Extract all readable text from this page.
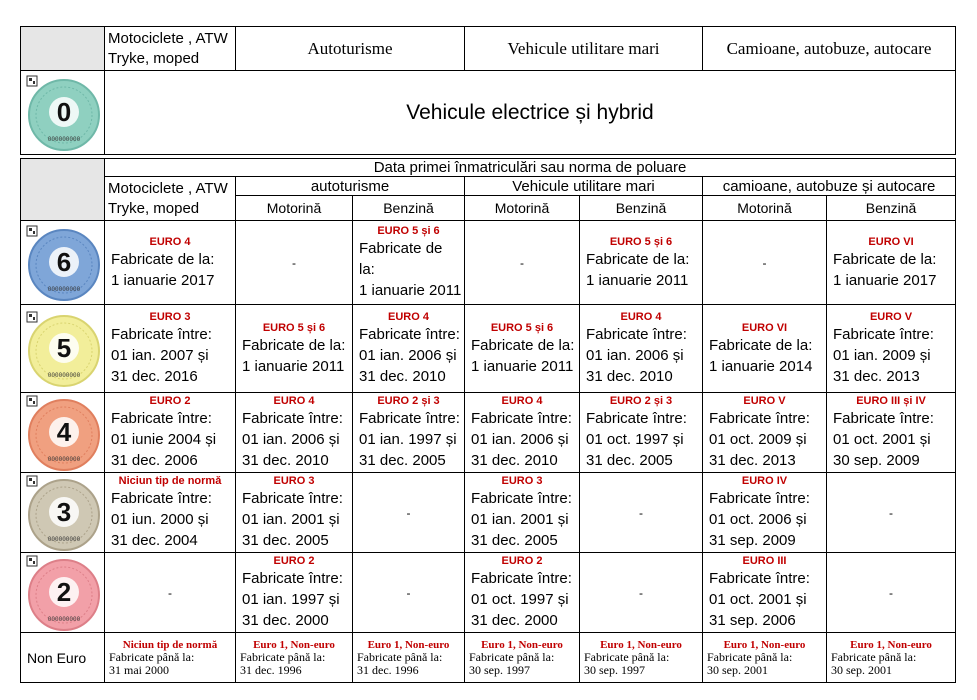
	Motociclete , ATW Tryke, moped	Autoturisme	Vehicule utilitare mari	Camioane, autobuze, autocare

0
000000000	Vehicule electrice și hybrid			
	Data primei înmatriculări sau norma de poluare						
	Motociclete , ATW Tryke, moped	autoturisme		Vehicule utilitare mari		camioane, autobuze și autocare	
		Motorină	Benzină	Motorină	Benzină	Motorină	Benzină

6
000000000	EURO 4
Fabricate de la:
1 ianuarie 2017	-	EURO 5 și 6
Fabricate de la:
1 ianuarie 2011	-	EURO 5 și 6
Fabricate de la:
1 ianuarie 2011	-	EURO VI
Fabricate de la:
1 ianuarie 2017

5
000000000	EURO 3
Fabricate între:
01 ian. 2007 și
31 dec. 2016	EURO 5 și 6
Fabricate de la:
1 ianuarie 2011	EURO 4
Fabricate între:
01 ian. 2006 și
31 dec. 2010	EURO 5 și 6
Fabricate de la:
1 ianuarie 2011	EURO 4
Fabricate între:
01 ian. 2006 și
31 dec. 2010	EURO VI
Fabricate de la:
1 ianuarie 2014	EURO V
Fabricate între:
01 ian. 2009 și
31 dec. 2013

4
000000000	EURO 2
Fabricate între:
01 iunie 2004 și
31 dec. 2006	EURO 4
Fabricate între:
01 ian. 2006 și
31 dec. 2010	EURO 2 și 3
Fabricate între:
01 ian. 1997 și
31 dec. 2005	EURO 4
Fabricate între:
01 ian. 2006 și
31 dec. 2010	EURO 2 și 3
Fabricate între:
01 oct. 1997 și
31 dec. 2005	EURO V
Fabricate între:
01 oct. 2009 și
31 dec. 2013	EURO III și IV
Fabricate între:
01 oct. 2001 și
30 sep. 2009

3
000000000	Niciun tip de normă
Fabricate între:
01 iun. 2000 și
31 dec. 2004	EURO 3
Fabricate între:
01 ian. 2001 și
31 dec. 2005	-	EURO 3
Fabricate între:
01 ian. 2001 și
31 dec. 2005	-	EURO IV
Fabricate între:
01 oct. 2006 și
31 sep. 2009	-

2
000000000	-	EURO 2
Fabricate între:
01 ian. 1997 și
31 dec. 2000	-	EURO 2
Fabricate între:
01 oct. 1997 și
31 dec. 2000	-	EURO III
Fabricate între:
01 oct. 2001 și
31 sep. 2006	-
Non Euro	Niciun tip de normă
Fabricate până la:
31 mai 2000	Euro 1, Non-euro
Fabricate până la:
31 dec. 1996	Euro 1, Non-euro
Fabricate până la:
31 dec. 1996	Euro 1, Non-euro
Fabricate până la:
30 sep. 1997	Euro 1, Non-euro
Fabricate până la:
30 sep. 1997	Euro 1, Non-euro
Fabricate până la:
30 sep. 2001	Euro 1, Non-euro
Fabricate până la:
30 sep. 2001
